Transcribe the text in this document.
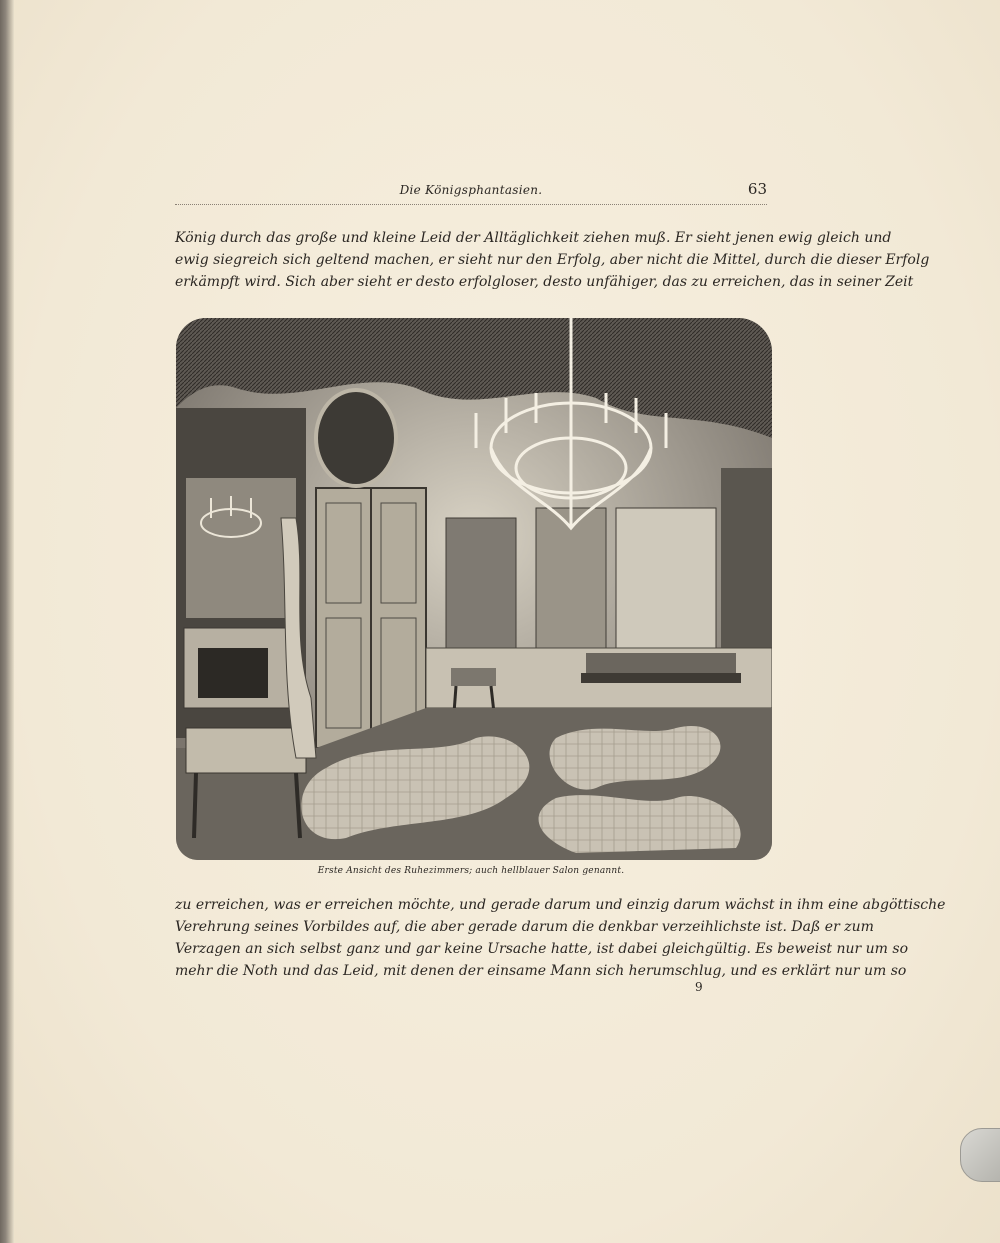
Die Königsphantasien.	63
König durch das große und kleine Leid der Alltäglichkeit ziehen muß. Er sieht jenen ewig gleich und
ewig siegreich sich geltend machen, er sieht nur den Erfolg, aber nicht die Mittel, durch die dieser Erfolg
erkämpft wird. Sich aber sieht er desto erfolgloser, desto unfähiger, das zu erreichen, das in seiner Zeit
Erste Ansicht des Ruhezimmers; auch hellblauer Salon genannt.
zu erreichen, was er erreichen möchte, und gerade darum und einzig darum wächst in ihm eine abgöttische
Verehrung seines Vorbildes auf, die aber gerade darum die denkbar verzeihlichste ist. Daß er zum
Verzagen an sich selbst ganz und gar keine Ursache hatte, ist dabei gleichgültig. Es beweist nur um so
mehr die Noth und das Leid, mit denen der einsame Mann sich herumschlug, und es erklärt nur um so
9
